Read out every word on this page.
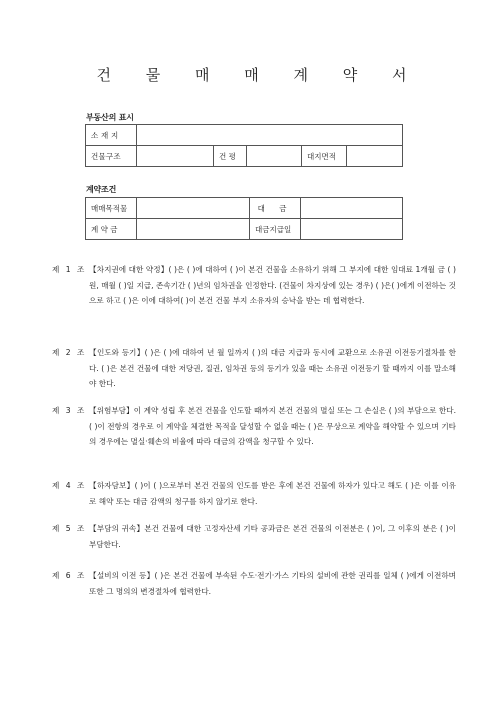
건 물 매 매 계 약 서
부동산의 표시
소 재 지					
건물구조		건 평		대지면적	
계약조건
매매목적물		대 금	
계 약 금		대금지급일	
제 1 조 【차지권에 대한 약정】( )은 ( )에 대하여 ( )이 본건 건물을 소유하기 위해 그 부지에 대한 임대료 1개월 금 ( )원, 매월 ( )일 지급, 존속기간 ( )년의 임차권을 인정한다. (건물이 차지상에 있는 경우) ( )은( )에게 이전하는 것으로 하고 ( )은 이에 대하여( )이 본건 건물 부지 소유자의 승낙을 받는 데 협력한다.
제 2 조 【인도와 등기】( )은 ( )에 대하여 년 월 일까지 ( )의 대금 지급과 동시에 교환으로 소유권 이전등기절차를 한다. ( )은 본건 건물에 대한 저당권, 질권, 임차권 등의 등기가 있을 때는 소유권 이전등기 할 때까지 이를 말소해야 한다.
제 3 조 【위험부담】이 계약 성립 후 본건 건물을 인도할 때까지 본건 건물의 멸실 또는 그 손실은 ( )의 부담으로 한다. ( )이 전항의 경우로 이 계약을 체결한 목적을 달성할 수 없을 때는 ( )은 무상으로 계약을 해약할 수 있으며 기타의 경우에는 멸실·훼손의 비율에 따라 대금의 감액을 청구할 수 있다.
제 4 조 【하자담보】( )이 ( )으로부터 본건 건물의 인도를 받은 후에 본건 건물에 하자가 있다고 해도 ( )은 이를 이유로 해약 또는 대금 감액의 청구를 하지 않기로 한다.
제 5 조 【부담의 귀속】본건 건물에 대한 고정자산세 기타 공과금은 본건 건물의 이전분은 ( )이, 그 이후의 분은 ( )이 부담한다.
제 6 조 【설비의 이전 등】( )은 본건 건물에 부속된 수도·전기·가스 기타의 설비에 관한 권리를 일체 ( )에게 이전하며 또한 그 명의의 변경절차에 협력한다.
